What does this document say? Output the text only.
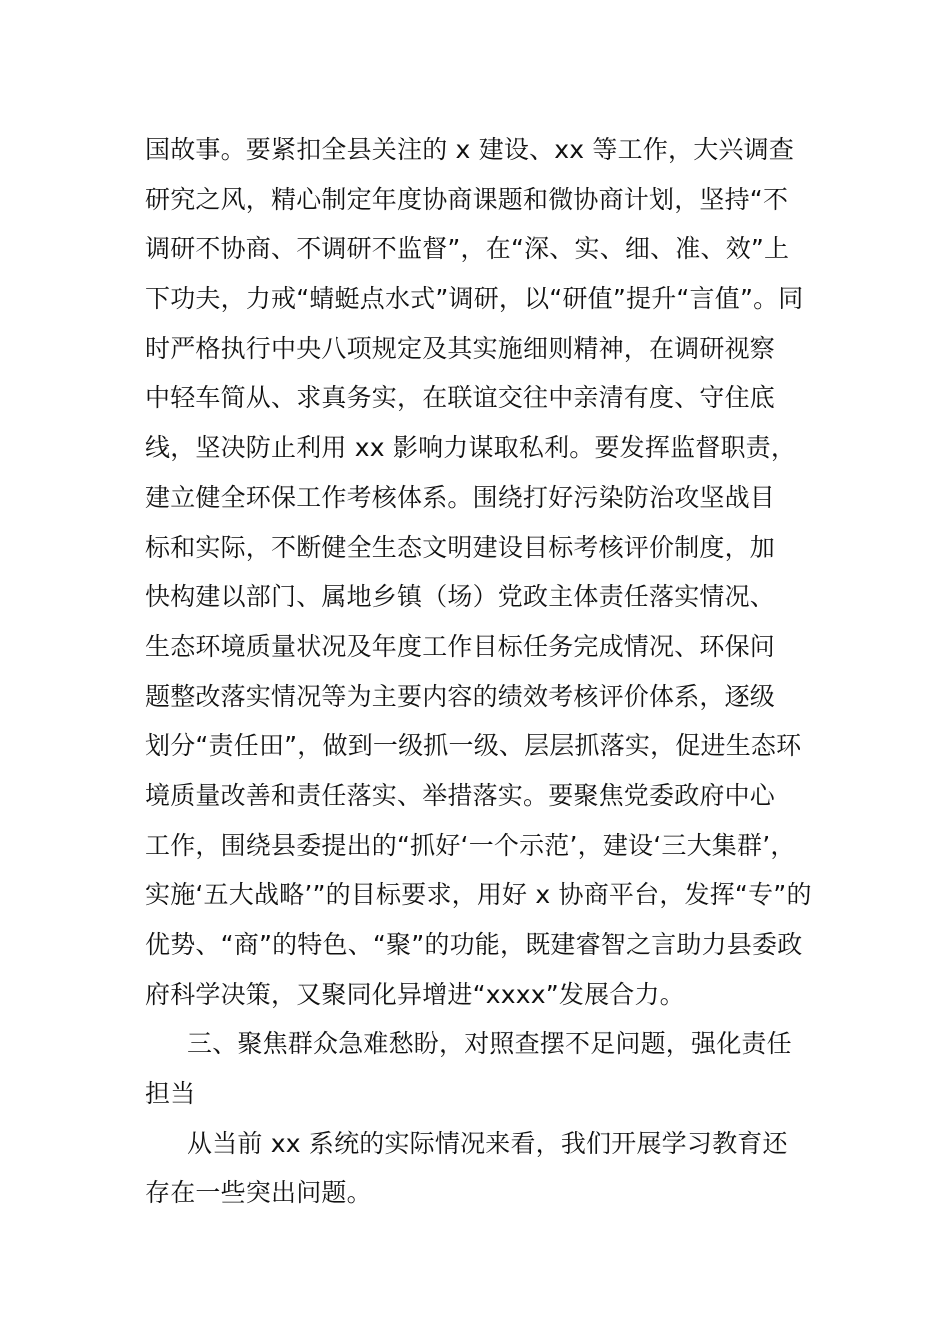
国故事。要紧扣全县关注的 x 建设、xx 等工作，大兴调查
研究之风，精心制定年度协商课题和微协商计划，坚持“不
调研不协商、不调研不监督”，在“深、实、细、准、效”上
下功夫，力戒“蜻蜓点水式”调研，以“研值”提升“言值”。同
时严格执行中央八项规定及其实施细则精神，在调研视察
中轻车简从、求真务实，在联谊交往中亲清有度、守住底
线，坚决防止利用 xx 影响力谋取私利。要发挥监督职责，
建立健全环保工作考核体系。围绕打好污染防治攻坚战目
标和实际，不断健全生态文明建设目标考核评价制度，加
快构建以部门、属地乡镇（场）党政主体责任落实情况、
生态环境质量状况及年度工作目标任务完成情况、环保问
题整改落实情况等为主要内容的绩效考核评价体系，逐级
划分“责任田”，做到一级抓一级、层层抓落实，促进生态环
境质量改善和责任落实、举措落实。要聚焦党委政府中心
工作，围绕县委提出的“抓好‘一个示范’，建设‘三大集群’，
实施‘五大战略’”的目标要求，用好 x 协商平台，发挥“专”的
优势、“商”的特色、“聚”的功能，既建睿智之言助力县委政
府科学决策，又聚同化异增进“xxxx”发展合力。
三、聚焦群众急难愁盼，对照查摆不足问题，强化责任
担当
从当前 xx 系统的实际情况来看，我们开展学习教育还
存在一些突出问题。
